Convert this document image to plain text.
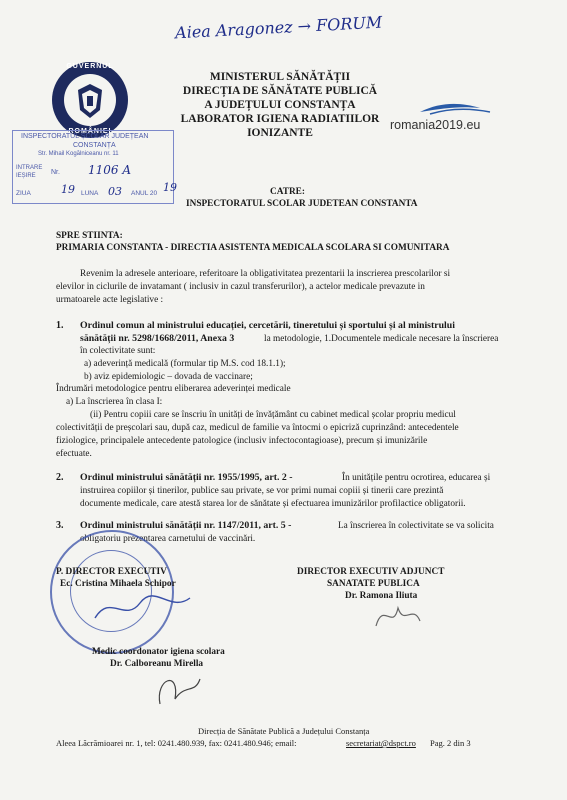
Aiea Aragonez → FORUM
GUVERNUL
ROMÂNIEI
MINISTERUL SĂNĂTĂȚII
DIRECȚIA DE SĂNĂTATE PUBLICĂ
A JUDEȚULUI CONSTANȚA
LABORATOR IGIENA RADIATIILOR
IONIZANTE
romania2019.eu
INSPECTORATUL ȘCOLAR JUDEȚEAN
CONSTANȚA
Str. Mihail Kogălniceanu nr. 11
INTRARE
IEȘIRE Nr. 1106 A
ZIUA	19 LUNA 03 ANUL 20 19	CATRE:
INSPECTORATUL SCOLAR JUDETEAN CONSTANTA
SPRE STIINTA:
PRIMARIA CONSTANTA - DIRECTIA ASISTENTA MEDICALA SCOLARA SI COMUNITARA
Revenim la adresele anterioare, referitoare la obligativitatea prezentarii la inscrierea prescolarilor si
elevilor in ciclurile de invatamant ( inclusiv in cazul transferurilor), a actelor medicale prevazute in
urmatoarele acte legislative :
1. Ordinul comun al ministrului educației, cercetării, tineretului și sportului și al ministrului
sănătății nr. 5298/1668/2011, Anexa 3	la metodologie, 1.Documentele medicale necesare la înscrierea
în colectivitate sunt:
a) adeverință medicală (formular tip M.S. cod 18.1.1);
b) aviz epidemiologic – dovada de vaccinare;
Îndrumări metodologice pentru eliberarea adeverinței medicale
a) La înscrierea în clasa I:
(ii) Pentru copiii care se înscriu în unități de învățământ cu cabinet medical școlar propriu medicul
colectivității de preșcolari sau, după caz, medicul de familie va întocmi o epicriză cuprinzând: antecedentele
fiziologice, principalele antecedente patologice (inclusiv infectocontagioase), precum și imunizările
efectuate.
2. Ordinul ministrului sănătății nr. 1955/1995, art. 2 -	În unitățile pentru ocrotirea, educarea și
instruirea copiilor și tinerilor, publice sau private, se vor primi numai copiii și tinerii care prezintă
documente medicale, care atestă starea lor de sănătate și efectuarea imunizărilor profilactice obligatorii.
3. Ordinul ministrului sănătății nr. 1147/2011, art. 5 -	La înscrierea în colectivitate se va solicita
obligatoriu prezentarea carnetului de vaccinări.
P. DIRECTOR EXECUTIV
Ec. Cristina Mihaela Schipor
DIRECTOR EXECUTIV ADJUNCT
SANATATE PUBLICA
Dr. Ramona Iliuta
Medic coordonator igiena scolara
Dr. Calboreanu Mirella
Direcția de Sănătate Publică a Județului Constanța
Aleea Lăcrămioarei nr. 1, tel: 0241.480.939, fax: 0241.480.946; email:	secretariat@dspct.ro Pag. 2 din 3
